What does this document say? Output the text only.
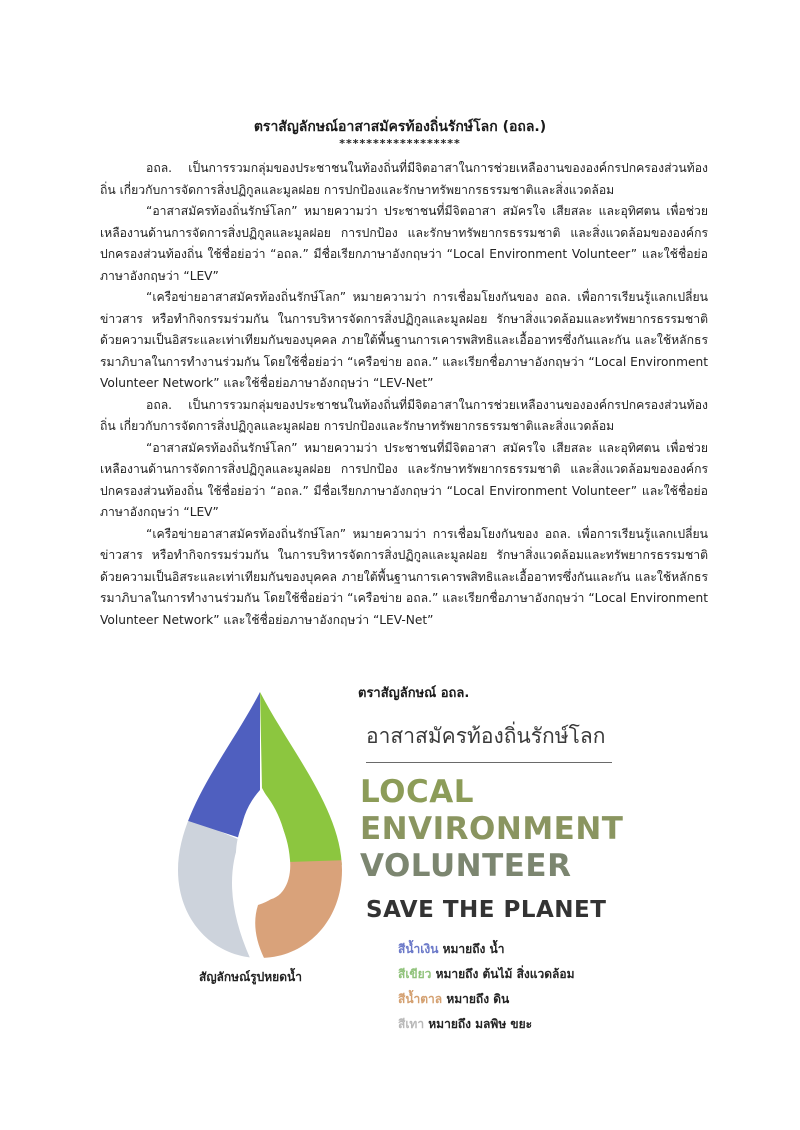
ตราสัญลักษณ์อาสาสมัครท้องถิ่นรักษ์โลก (อถล.)
******************

อถล. เป็นการรวมกลุ่มของประชาชนในท้องถิ่นที่มีจิตอาสาในการช่วยเหลืองานขององค์กรปกครองส่วนท้องถิ่น เกี่ยวกับการจัดการสิ่งปฏิกูลและมูลฝอย การปกป้องและรักษาทรัพยากรธรรมชาติและสิ่งแวดล้อม

“อาสาสมัครท้องถิ่นรักษ์โลก” หมายความว่า ประชาชนที่มีจิตอาสา สมัครใจ เสียสละ และอุทิศตน เพื่อช่วยเหลืองานด้านการจัดการสิ่งปฏิกูลและมูลฝอย การปกป้อง และรักษาทรัพยากรธรรมชาติ และสิ่งแวดล้อมขององค์กรปกครองส่วนท้องถิ่น ใช้ชื่อย่อว่า “อถล.” มีชื่อเรียกภาษาอังกฤษว่า “Local Environment Volunteer” และใช้ชื่อย่อภาษาอังกฤษว่า “LEV”

“เครือข่ายอาสาสมัครท้องถิ่นรักษ์โลก” หมายความว่า การเชื่อมโยงกันของ อถล. เพื่อการเรียนรู้แลกเปลี่ยนข่าวสาร หรือทำกิจกรรมร่วมกัน ในการบริหารจัดการสิ่งปฏิกูลและมูลฝอย รักษาสิ่งแวดล้อมและทรัพยากรธรรมชาติด้วยความเป็นอิสระและเท่าเทียมกันของบุคคล ภายใต้พื้นฐานการเคารพสิทธิและเอื้ออาทรซึ่งกันและกัน และใช้หลักธรรมาภิบาลในการทำงานร่วมกัน โดยใช้ชื่อย่อว่า “เครือข่าย อถล.” และเรียกชื่อภาษาอังกฤษว่า “Local Environment Volunteer Network” และใช้ชื่อย่อภาษาอังกฤษว่า “LEV-Net”

อถล. เป็นการรวมกลุ่มของประชาชนในท้องถิ่นที่มีจิตอาสาในการช่วยเหลืองานขององค์กรปกครองส่วนท้องถิ่น เกี่ยวกับการจัดการสิ่งปฏิกูลและมูลฝอย การปกป้องและรักษาทรัพยากรธรรมชาติและสิ่งแวดล้อม

“อาสาสมัครท้องถิ่นรักษ์โลก” หมายความว่า ประชาชนที่มีจิตอาสา สมัครใจ เสียสละ และอุทิศตน เพื่อช่วยเหลืองานด้านการจัดการสิ่งปฏิกูลและมูลฝอย การปกป้อง และรักษาทรัพยากรธรรมชาติ และสิ่งแวดล้อมขององค์กรปกครองส่วนท้องถิ่น ใช้ชื่อย่อว่า “อถล.” มีชื่อเรียกภาษาอังกฤษว่า “Local Environment Volunteer” และใช้ชื่อย่อภาษาอังกฤษว่า “LEV”

“เครือข่ายอาสาสมัครท้องถิ่นรักษ์โลก” หมายความว่า การเชื่อมโยงกันของ อถล. เพื่อการเรียนรู้แลกเปลี่ยนข่าวสาร หรือทำกิจกรรมร่วมกัน ในการบริหารจัดการสิ่งปฏิกูลและมูลฝอย รักษาสิ่งแวดล้อมและทรัพยากรธรรมชาติด้วยความเป็นอิสระและเท่าเทียมกันของบุคคล ภายใต้พื้นฐานการเคารพสิทธิและเอื้ออาทรซึ่งกันและกัน และใช้หลักธรรมาภิบาลในการทำงานร่วมกัน โดยใช้ชื่อย่อว่า “เครือข่าย อถล.” และเรียกชื่อภาษาอังกฤษว่า “Local Environment Volunteer Network” และใช้ชื่อย่อภาษาอังกฤษว่า “LEV-Net”

สัญลักษณ์รูปหยดน้ำ
ตราสัญลักษณ์ อถล.
อาสาสมัครท้องถิ่นรักษ์โลก
LOCAL
ENVIRONMENT
VOLUNTEER
SAVE THE PLANET
สีน้ำเงิน หมายถึง น้ำ
สีเขียว หมายถึง ต้นไม้ สิ่งแวดล้อม
สีน้ำตาล หมายถึง ดิน
สีเทา หมายถึง มลพิษ ขยะ
